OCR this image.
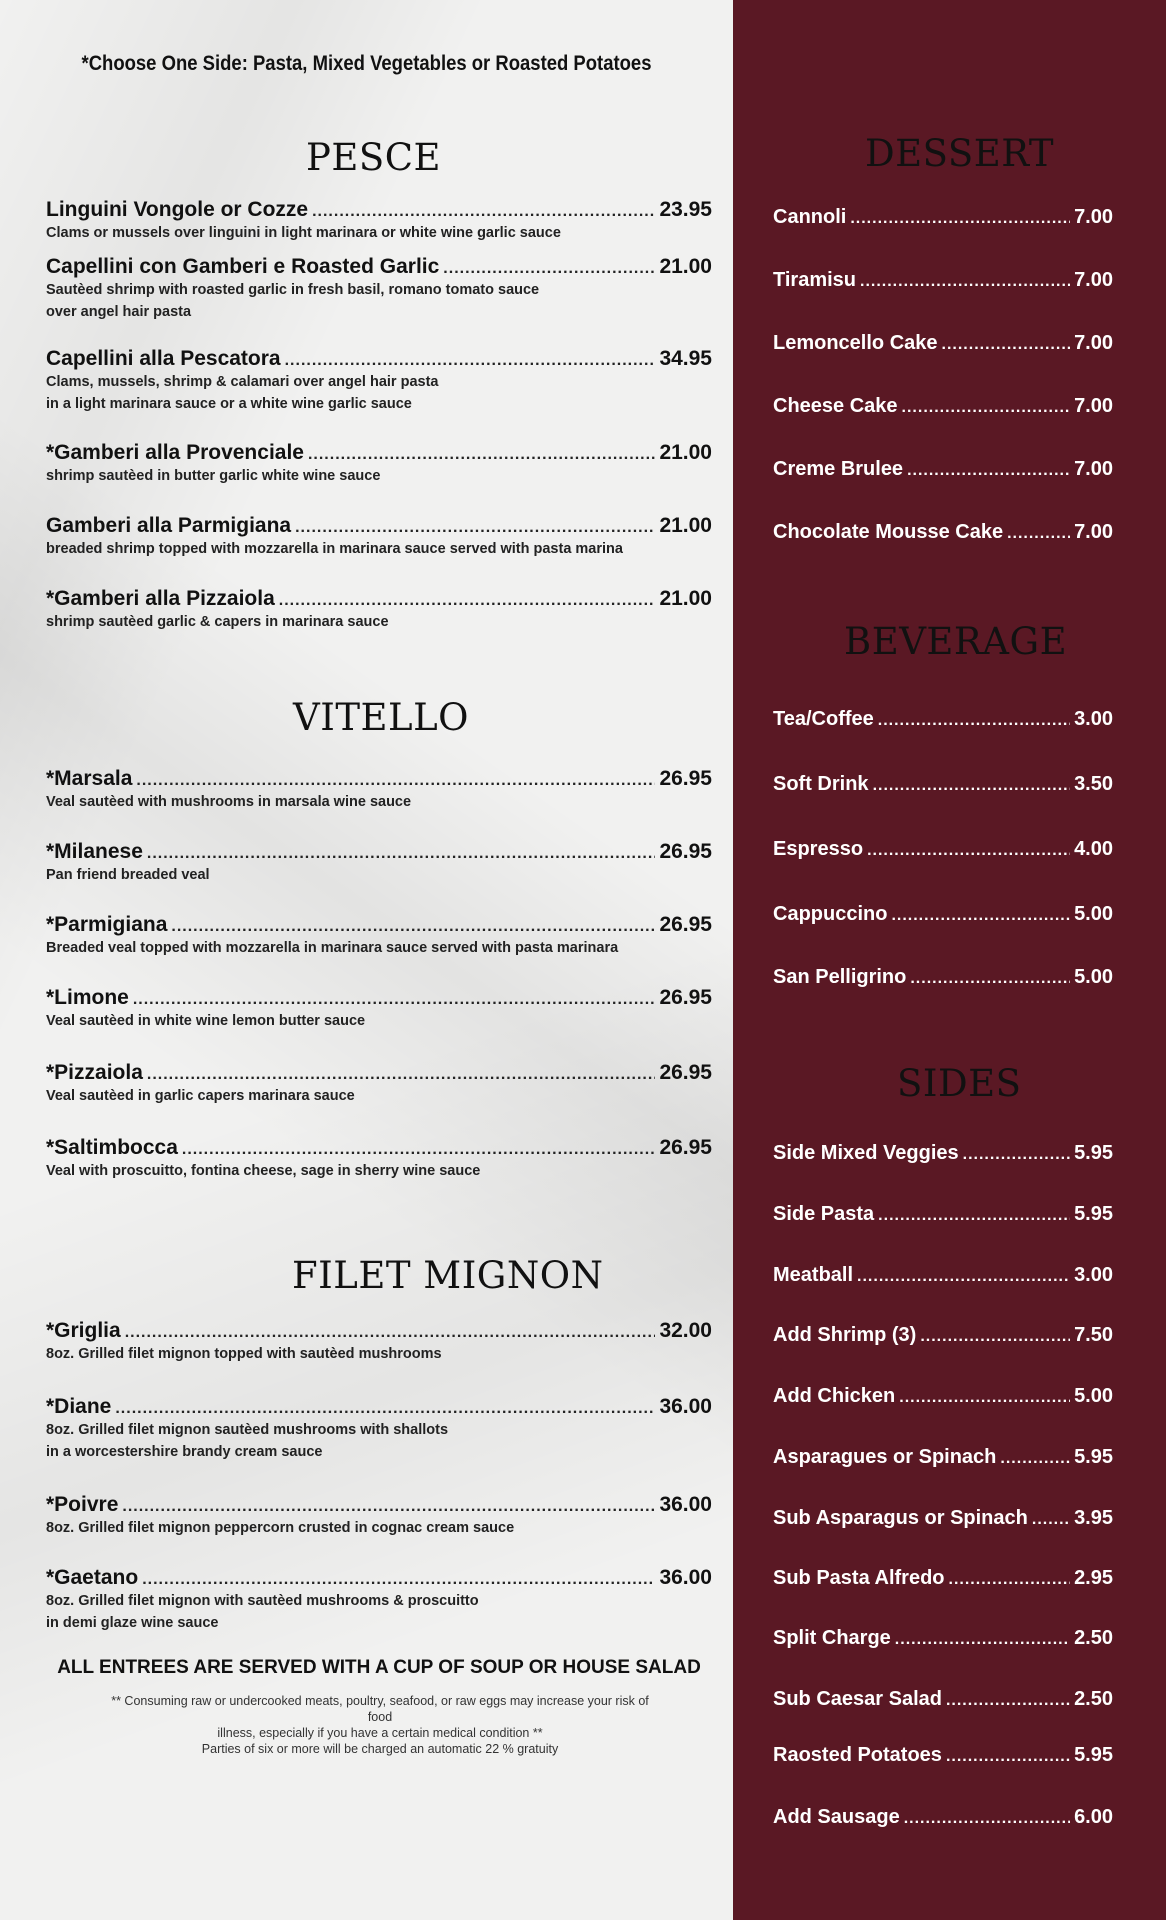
*Choose One Side: Pasta, Mixed Vegetables or Roasted Potatoes
PESCE
VITELLO
FILET MIGNON
Linguini Vongole or Cozze .....	23.95
Clams or mussels over linguini in light marinara or white wine garlic sauce
Capellini con Gamberi e Roasted Garlic .....	21.00
Sautèed shrimp with roasted garlic in fresh basil, romano tomato sauce
over angel hair pasta
Capellini alla Pescatora .....	34.95
Clams, mussels, shrimp & calamari over angel hair pasta
in a light marinara sauce or a white wine garlic sauce
*Gamberi alla Provenciale .....	21.00
shrimp sautèed in butter garlic white wine sauce
Gamberi alla Parmigiana .....	21.00
breaded shrimp topped with mozzarella in marinara sauce served with pasta marina
*Gamberi alla Pizzaiola .....	21.00
shrimp sautèed garlic & capers in marinara sauce
*Marsala .....	26.95
Veal sautèed with mushrooms in marsala wine sauce
*Milanese .....	26.95
Pan friend breaded veal
*Parmigiana .....	26.95
Breaded veal topped with mozzarella in marinara sauce served with pasta marinara
*Limone .....	26.95
Veal sautèed in white wine lemon butter sauce
*Pizzaiola .....	26.95
Veal sautèed in garlic capers marinara sauce
*Saltimbocca .....	26.95
Veal with proscuitto, fontina cheese, sage in sherry wine sauce
*Griglia .....	32.00
8oz. Grilled filet mignon topped with sautèed mushrooms
*Diane .....	36.00
8oz. Grilled filet mignon sautèed mushrooms with shallots
in a worcestershire brandy cream sauce
*Poivre .....	36.00
8oz. Grilled filet mignon peppercorn crusted in cognac cream sauce
*Gaetano .....	36.00
8oz. Grilled filet mignon with sautèed mushrooms & proscuitto
in demi glaze wine sauce
ALL ENTREES ARE SERVED WITH A CUP OF SOUP OR HOUSE SALAD
** Consuming raw or undercooked meats, poultry, seafood, or raw eggs may increase your risk of food
illness, especially if you have a certain medical condition **
Parties of six or more will be charged an automatic 22 % gratuity
DESSERT
BEVERAGE
SIDES
Cannoli .....	7.00
Tiramisu .....	7.00
Lemoncello Cake .....	7.00
Cheese Cake .....	7.00
Creme Brulee .....	7.00
Chocolate Mousse Cake .....	7.00
Tea/Coffee .....	3.00
Soft Drink .....	3.50
Espresso .....	4.00
Cappuccino .....	5.00
San Pelligrino .....	5.00
Side Mixed Veggies .....	5.95
Side Pasta .....	5.95
Meatball .....	3.00
Add Shrimp (3) .....	7.50
Add Chicken .....	5.00
Asparagues or Spinach .....	5.95
Sub Asparagus or Spinach ..... 3.95
Sub Pasta Alfredo .....	2.95
Split Charge .....	2.50
Sub Caesar Salad .....	2.50
Raosted Potatoes .....	5.95
Add Sausage .....	6.00
